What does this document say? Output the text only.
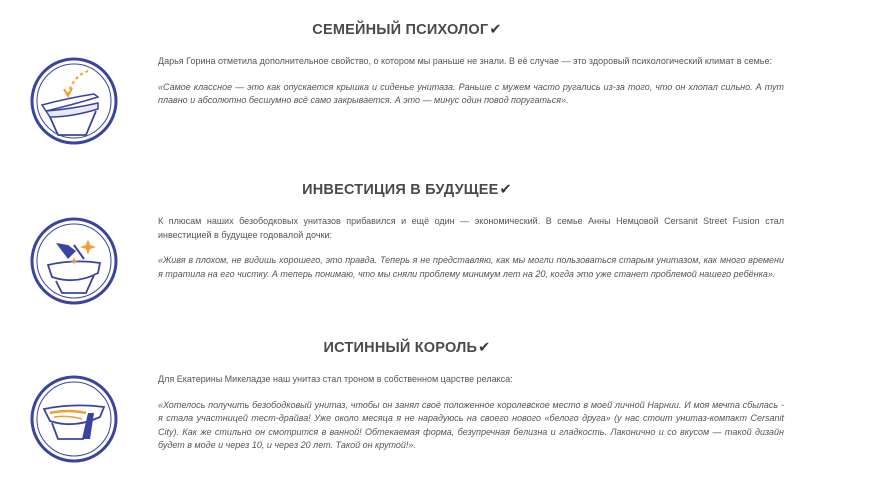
СЕМЕЙНЫЙ ПСИХОЛОГ✔

Дарья Горина отметила дополнительное свойство, о котором мы раньше не знали. В её случае — это здоровый психологический климат в семье:

«Самое классное — это как опускается крышка и сиденье унитаза. Раньше с мужем часто ругались из-за того, что он хлопал сильно. А тут плавно и абсолютно бесшумно всё само закрывается. А это — минус один повод поругаться».

ИНВЕСТИЦИЯ В БУДУЩЕЕ✔

К плюсам наших безободковых унитазов прибавился и ещё один — экономический. В семье Анны Немцовой Cersanit Street Fusion стал инвестицией в будущее годовалой дочки:

«Живя в плохом, не видишь хорошего, это правда. Теперь я не представляю, как мы могли пользоваться старым унитазом, как много времени я тратила на его чистку. А теперь понимаю, что мы сняли проблему минимум лет на 20, когда это уже станет проблемой нашего ребёнка».

ИСТИННЫЙ КОРОЛЬ✔

Для Екатерины Микеладзе наш унитаз стал троном в собственном царстве релакса:

«Хотелось получить безободковый унитаз, чтобы он занял своё положенное королевское место в моей личной Нарнии. И моя мечта сбылась - я стала участницей тест-драйва! Уже около месяца я не нарадуюсь на своего нового «белого друга» (у нас стоит унитаз-компакт Cersanit City). Как же стильно он смотрится в ванной! Обтекаемая форма, безупречная белизна и гладкость. Лаконично и со вкусом — такой дизайн будет в моде и через 10, и через 20 лет. Такой он крутой!».
